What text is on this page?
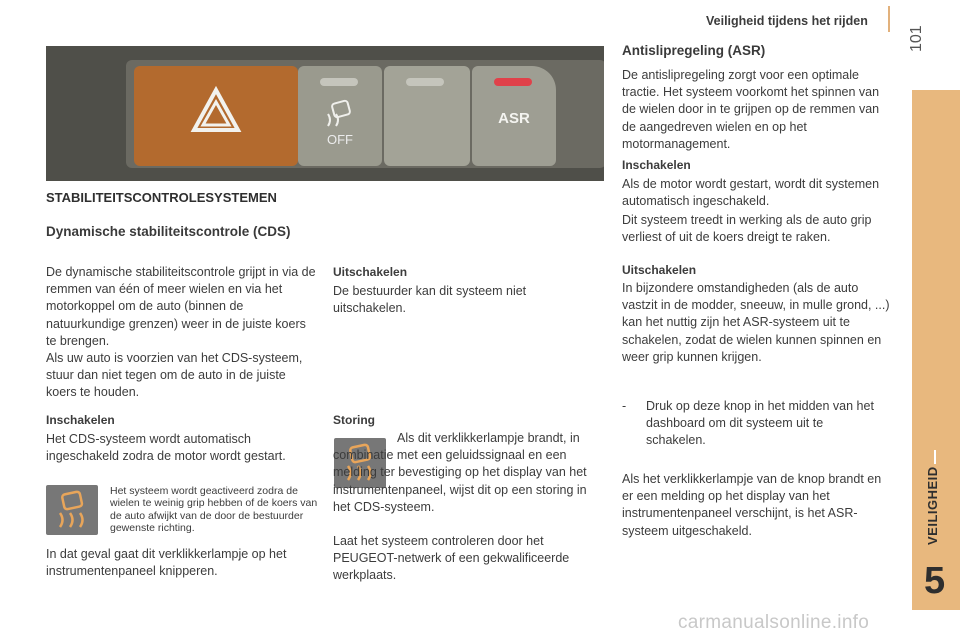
Veiligheid tijdens het rijden
101
VEILIGHEID
5
OFF
ASR
STABILITEITSCONTROLESYSTEMEN
Dynamische stabiliteitscontrole (CDS)

De dynamische stabiliteitscontrole grijpt in via de remmen van één of meer wielen en via het motorkoppel om de auto (binnen de natuurkundige grenzen) weer in de juiste koers te brengen.

Als uw auto is voorzien van het CDS-systeem, stuur dan niet tegen om de auto in de juiste koers te houden.

Inschakelen

Het CDS-systeem wordt automatisch ingeschakeld zodra de motor wordt gestart.

Het systeem wordt geactiveerd zodra de wielen te weinig grip hebben of de koers van de auto afwijkt van de door de bestuurder gewenste richting.

In dat geval gaat dit verklikkerlampje op het instrumentenpaneel knipperen.

Uitschakelen

De bestuurder kan dit systeem niet uitschakelen.

Storing

Als dit verklikkerlampje brandt, in combinatie met een geluidssignaal en een melding ter bevestiging op het display van het instrumentenpaneel, wijst dit op een storing in het CDS-systeem.

Laat het systeem controleren door het PEUGEOT-netwerk of een gekwalificeerde werkplaats.

Antislipregeling (ASR)

De antislipregeling zorgt voor een optimale tractie. Het systeem voorkomt het spinnen van de wielen door in te grijpen op de remmen van de aangedreven wielen en op het motormanagement.

Inschakelen

Als de motor wordt gestart, wordt dit systemen automatisch ingeschakeld.

Dit systeem treedt in werking als de auto grip verliest of uit de koers dreigt te raken.

Uitschakelen

In bijzondere omstandigheden (als de auto vastzit in de modder, sneeuw, in mulle grond, ...) kan het nuttig zijn het ASR-systeem uit te schakelen, zodat de wielen kunnen spinnen en weer grip kunnen krijgen.

- Druk op deze knop in het midden van het dashboard om dit systeem uit te schakelen.

Als het verklikkerlampje van de knop brandt en er een melding op het display van het instrumentenpaneel verschijnt, is het ASR-systeem uitgeschakeld.

carmanualsonline.info
